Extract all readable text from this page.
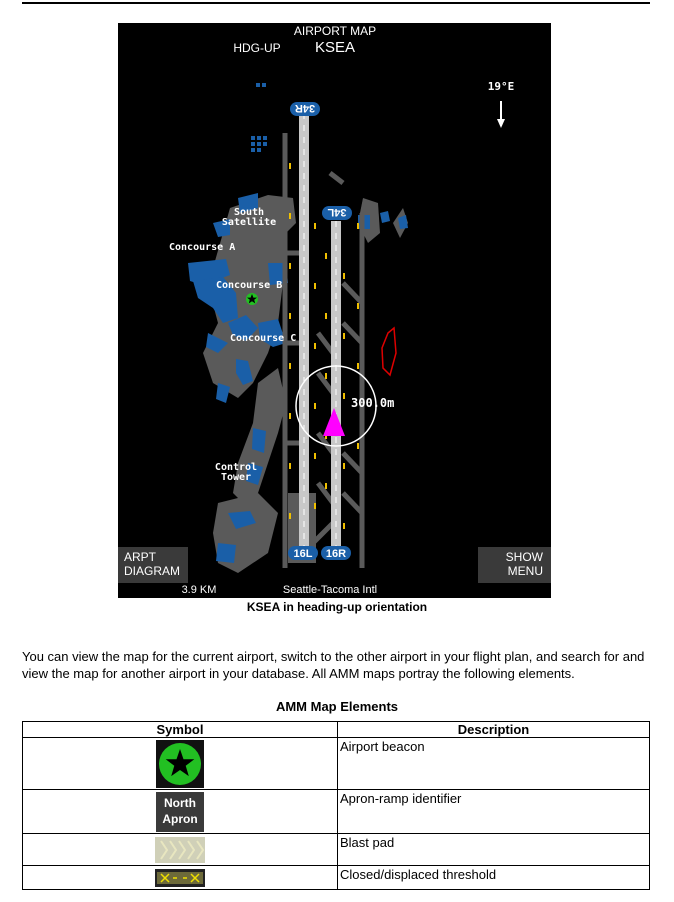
34R
34L
16L 16R
300.0m
AIRPORT MAP
HDG-UP KSEA
19°E
South
Satellite
Concourse A
Concourse B
Concourse C
Control
Tower
ARPT
DIAGRAM
SHOW
MENU
3.9 KM	Seattle-Tacoma Intl
KSEA in heading-up orientation
You can view the map for the current airport, switch to the other airport in your flight plan, and search for and view the map for another airport in your database. All AMM maps portray the following elements.
AMM Map Elements
Symbol	Description

	Airport beacon

North
Apron	Apron-ramp identifier

	Blast pad

	Closed/displaced threshold
